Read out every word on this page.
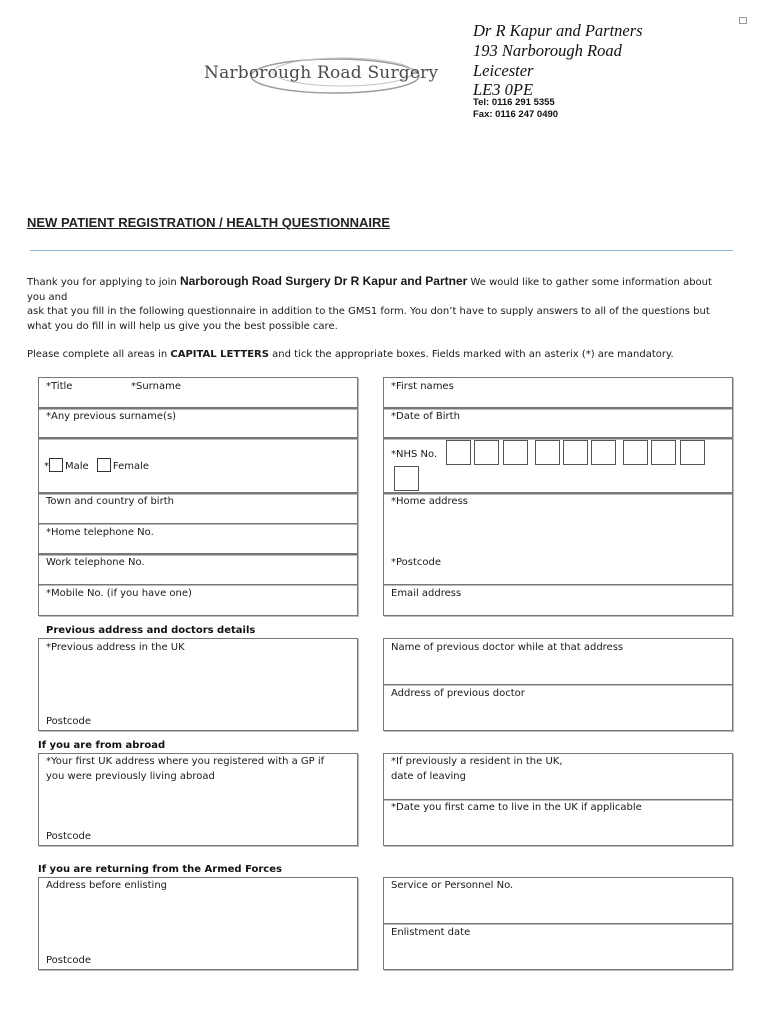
Narborough Road Surgery
Dr R Kapur and Partners
193 Narborough Road
Leicester
LE3 0PE
Tel: 0116 291 5355
Fax: 0116 247 0490
NEW PATIENT REGISTRATION / HEALTH QUESTIONNAIRE
Thank you for applying to join Narborough Road Surgery Dr R Kapur and Partner We would like to gather some information about you and
ask that you fill in the following questionnaire in addition to the GMS1 form. You don’t have to supply answers to all of the questions but what you do fill in will help us give you the best possible care.
Please complete all areas in CAPITAL LETTERS and tick the appropriate boxes. Fields marked with an asterix (*) are mandatory.
*Title	*Surname
*Any previous surname(s)
* Male Female
Town and country of birth
*Home telephone No.
Work telephone No.
*Mobile No. (if you have one)
*First names
*Date of Birth
*NHS No.
*Home address
*Postcode
Email address
Previous address and doctors details
*Previous address in the UK
Postcode
Name of previous doctor while at that address
Address of previous doctor
If you are from abroad
*Your first UK address where you registered with a GP if
you were previously living abroad
Postcode
*If previously a resident in the UK,
date of leaving
*Date you first came to live in the UK if applicable
If you are returning from the Armed Forces
Address before enlisting
Postcode
Service or Personnel No.
Enlistment date
